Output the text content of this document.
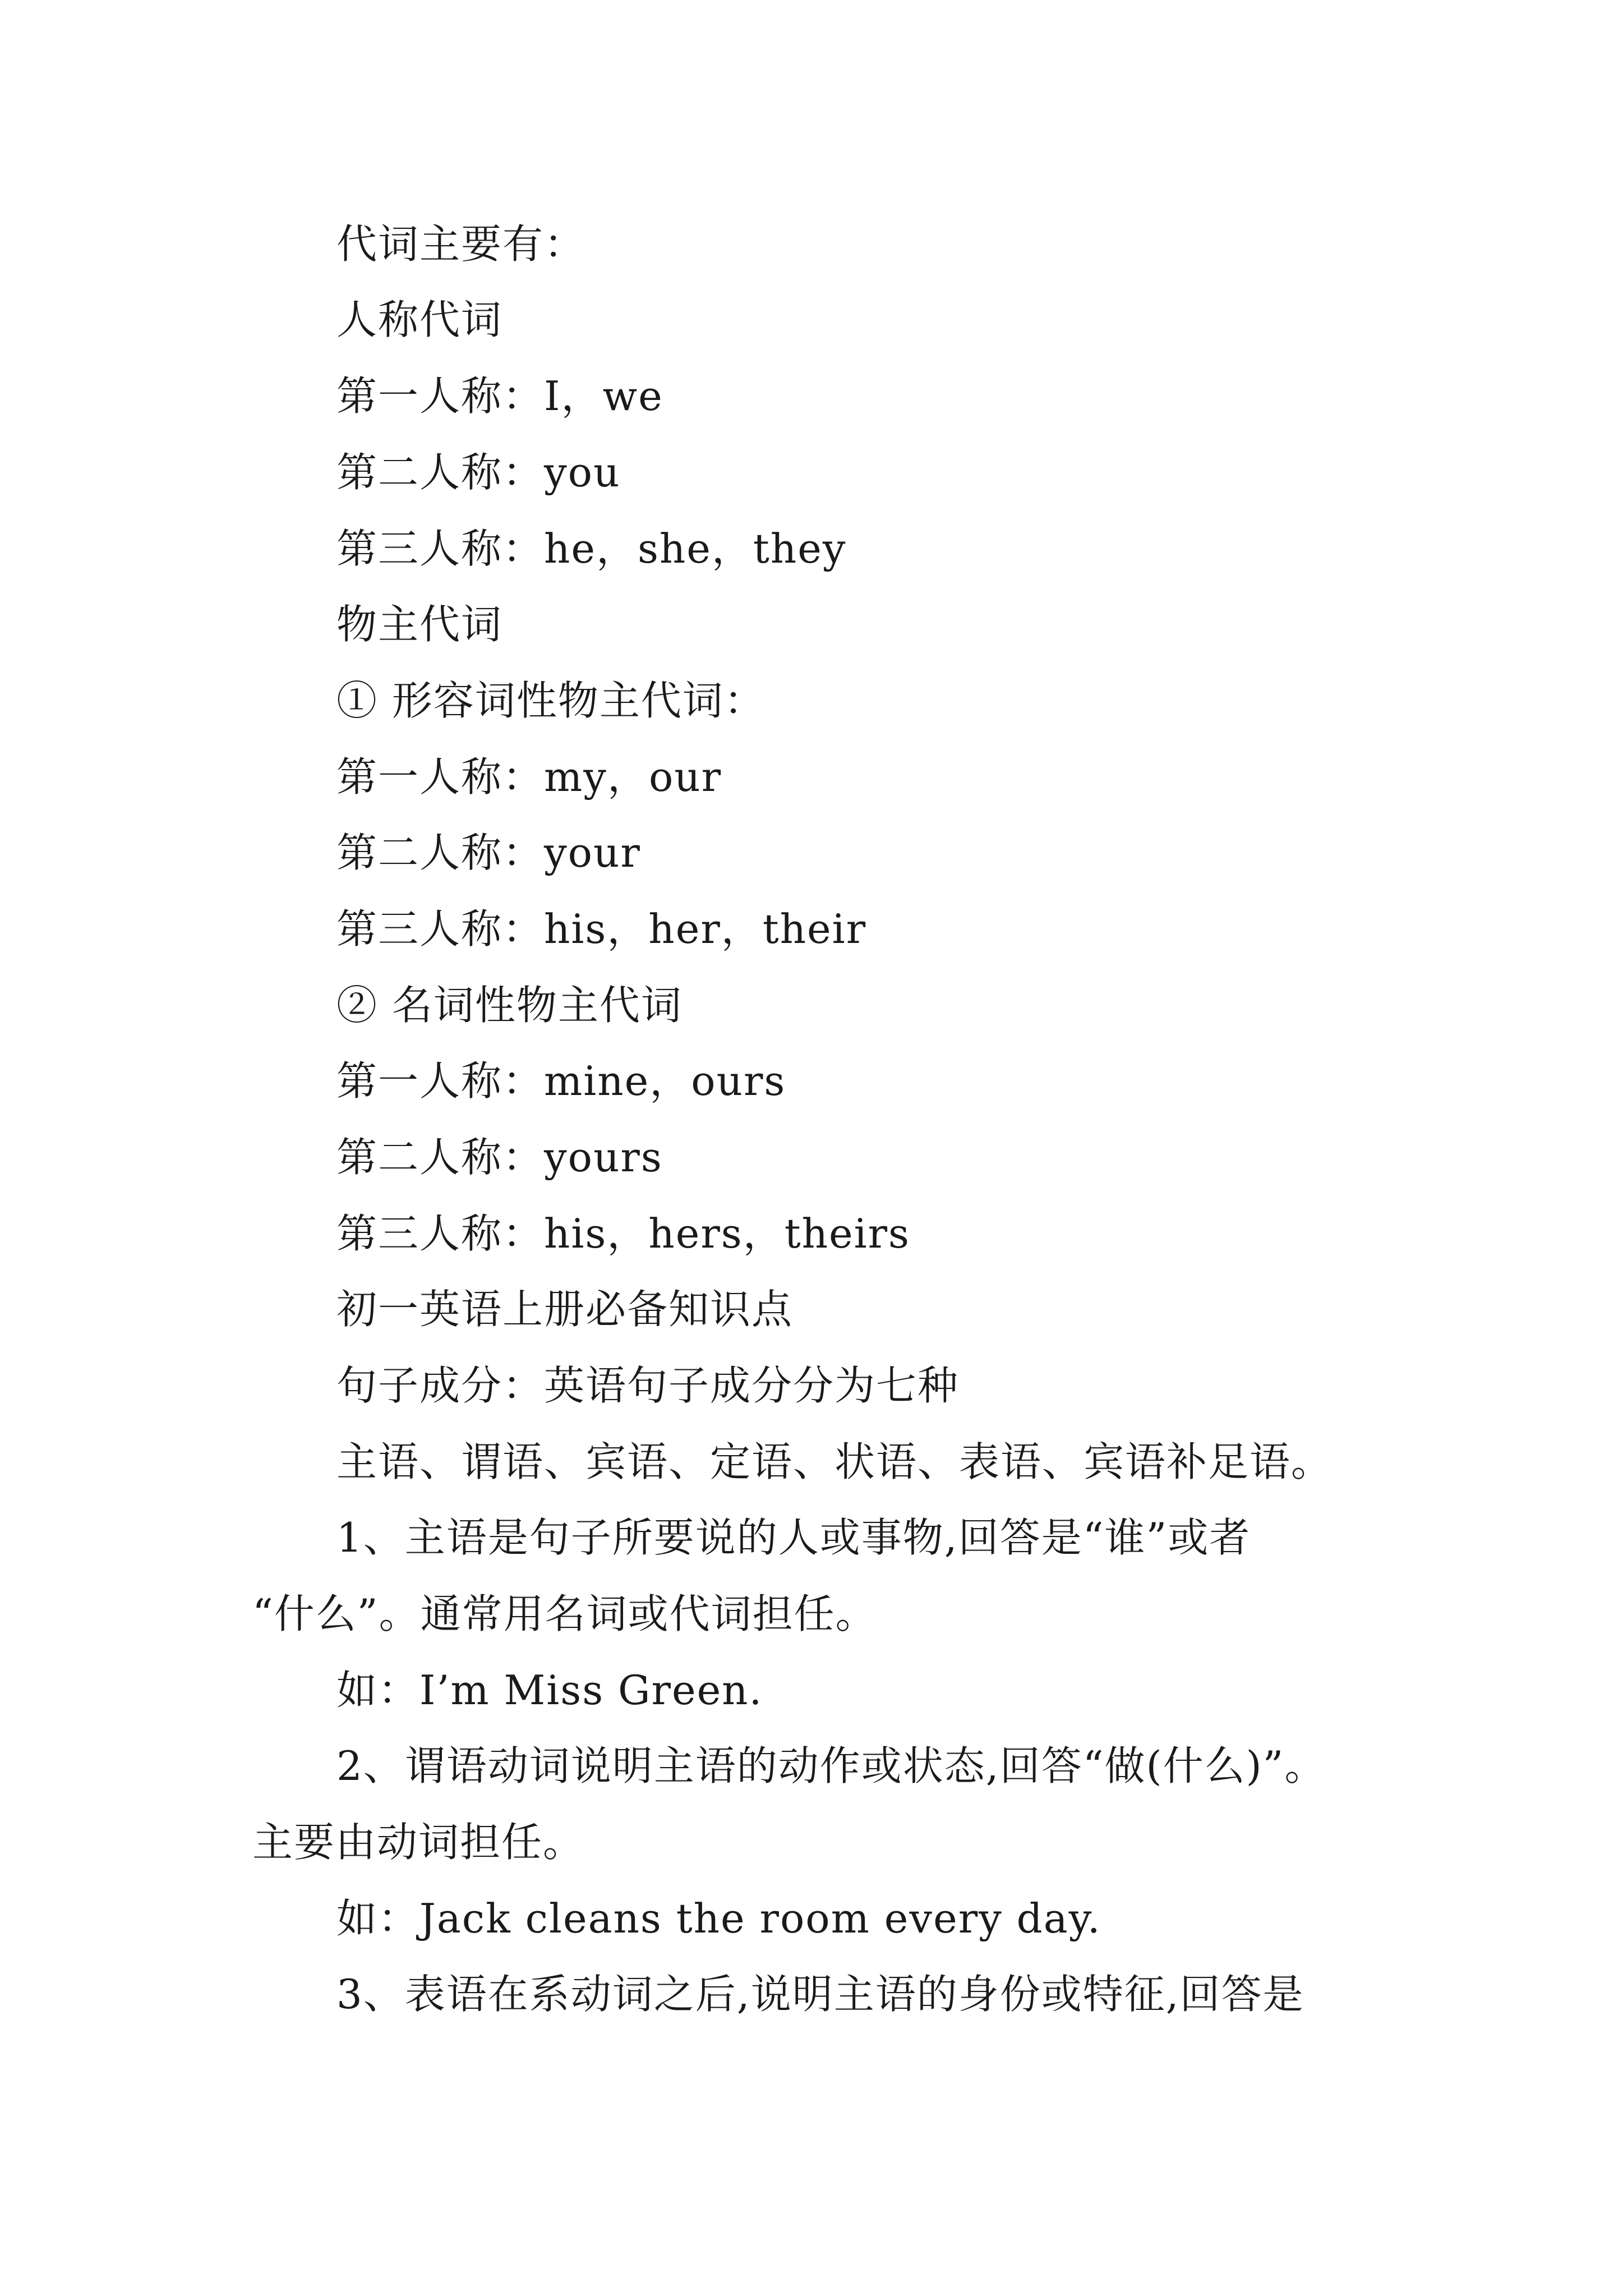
代词主要有：
人称代词
第一人称：I，we
第二人称：you
第三人称：he，she，they
物主代词
① 形容词性物主代词：
第一人称：my，our
第二人称：your
第三人称：his，her，their
② 名词性物主代词
第一人称：mine，ours
第二人称：yours
第三人称：his，hers，theirs
初一英语上册必备知识点
句子成分：英语句子成分分为七种
主语、谓语、宾语、定语、状语、表语、宾语补足语。
1、主语是句子所要说的人或事物,回答是“谁”或者
“什么”。通常用名词或代词担任。
如：I’m Miss Green.
2、谓语动词说明主语的动作或状态,回答“做(什么)”。
主要由动词担任。
如：Jack cleans the room every day.
3、表语在系动词之后,说明主语的身份或特征,回答是
